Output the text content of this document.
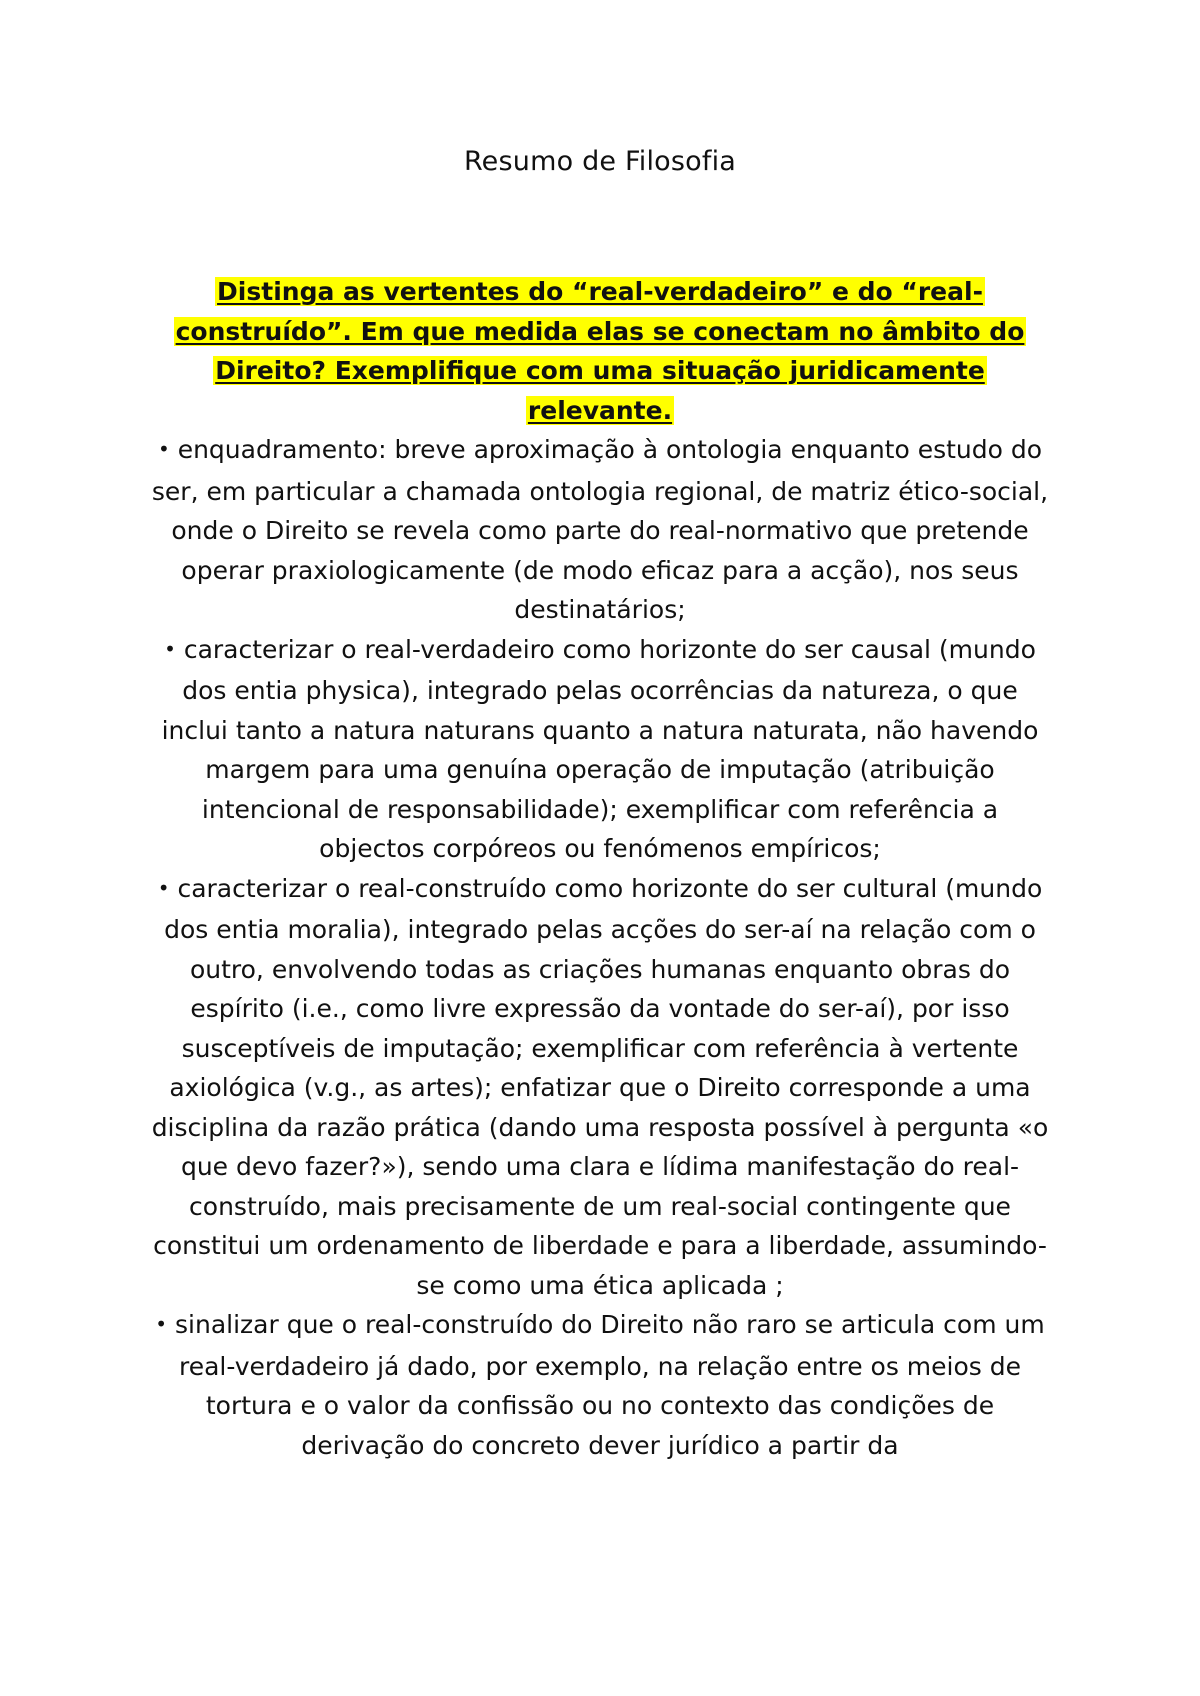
Resumo de Filosofia

Distinga as vertentes do “real-verdadeiro” e do “real-construído”. Em que medida elas se conectam no âmbito do Direito? Exemplifique com uma situação juridicamente relevante.

• enquadramento: breve aproximação à ontologia enquanto estudo do ser, em particular a chamada ontologia regional, de matriz ético-social, onde o Direito se revela como parte do real-normativo que pretende operar praxiologicamente (de modo eficaz para a acção), nos seus destinatários;

• caracterizar o real-verdadeiro como horizonte do ser causal (mundo dos entia physica), integrado pelas ocorrências da natureza, o que inclui tanto a natura naturans quanto a natura naturata, não havendo margem para uma genuína operação de imputação (atribuição intencional de responsabilidade); exemplificar com referência a objectos corpóreos ou fenómenos empíricos;

• caracterizar o real-construído como horizonte do ser cultural (mundo dos entia moralia), integrado pelas acções do ser-aí na relação com o outro, envolvendo todas as criações humanas enquanto obras do espírito (i.e., como livre expressão da vontade do ser-aí), por isso susceptíveis de imputação; exemplificar com referência à vertente axiológica (v.g., as artes); enfatizar que o Direito corresponde a uma disciplina da razão prática (dando uma resposta possível à pergunta «o que devo fazer?»), sendo uma clara e lídima manifestação do real-construído, mais precisamente de um real-social contingente que constitui um ordenamento de liberdade e para a liberdade, assumindo-se como uma ética aplicada ;

• sinalizar que o real-construído do Direito não raro se articula com um real-verdadeiro já dado, por exemplo, na relação entre os meios de tortura e o valor da confissão ou no contexto das condições de derivação do concreto dever jurídico a partir da
